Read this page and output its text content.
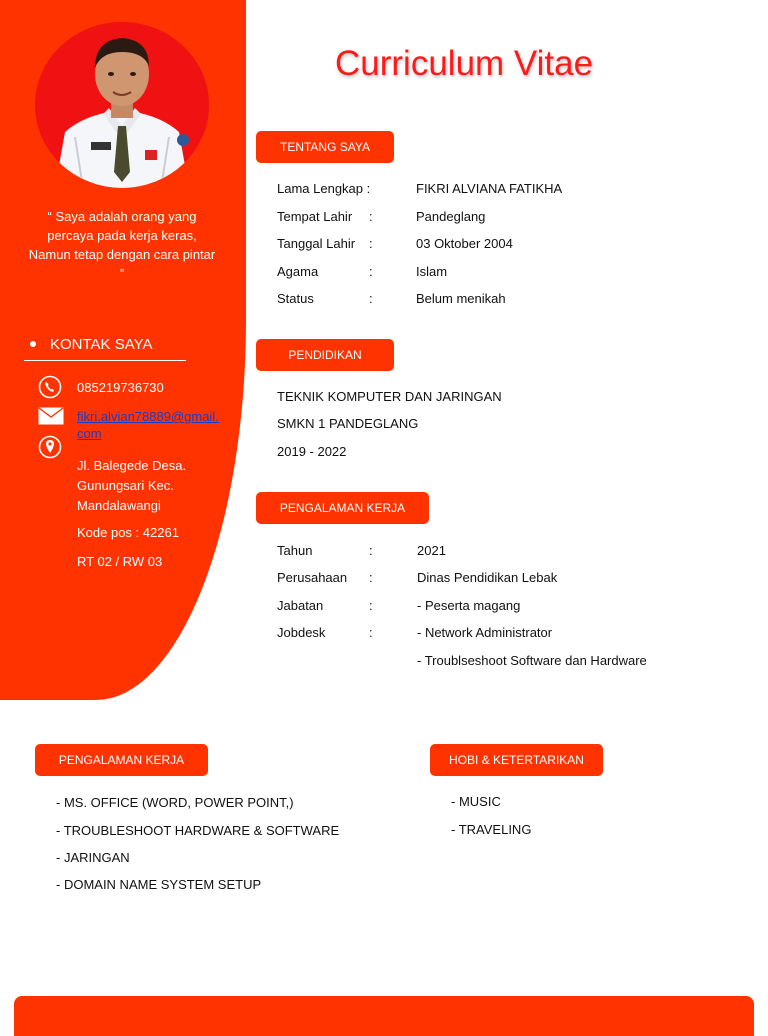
“ Saya adalah orang yang percaya pada kerja keras, Namun tetap dengan cara pintar ”
KONTAK SAYA
085219736730
fikri.alvian78889@gmail.
com
Jl. Balegede Desa.
Gunungsari Kec.
Mandalawangi
Kode pos : 42261
RT 02 / RW 03
Curriculum Vitae
TENTANG SAYA
Lama Lengkap :	FIKRI ALVIANA FATIKHA
Tempat Lahir :	Pandeglang
Tanggal Lahir :	03 Oktober 2004
Agama	:	Islam
Status	:	Belum menikah
PENDIDIKAN
TEKNIK KOMPUTER DAN JARINGAN
SMKN 1 PANDEGLANG
2019 - 2022
PENGALAMAN KERJA
Tahun	:	2021
Perusahaan :	Dinas Pendidikan Lebak
Jabatan	:	- Peserta magang
Jobdesk	:	- Network Administrator
- Troublseshoot Software dan Hardware
PENGALAMAN KERJA
- MS. OFFICE (WORD, POWER POINT,)
- TROUBLESHOOT HARDWARE & SOFTWARE
- JARINGAN
- DOMAIN NAME SYSTEM SETUP
HOBI & KETERTARIKAN
- MUSIC
- TRAVELING
